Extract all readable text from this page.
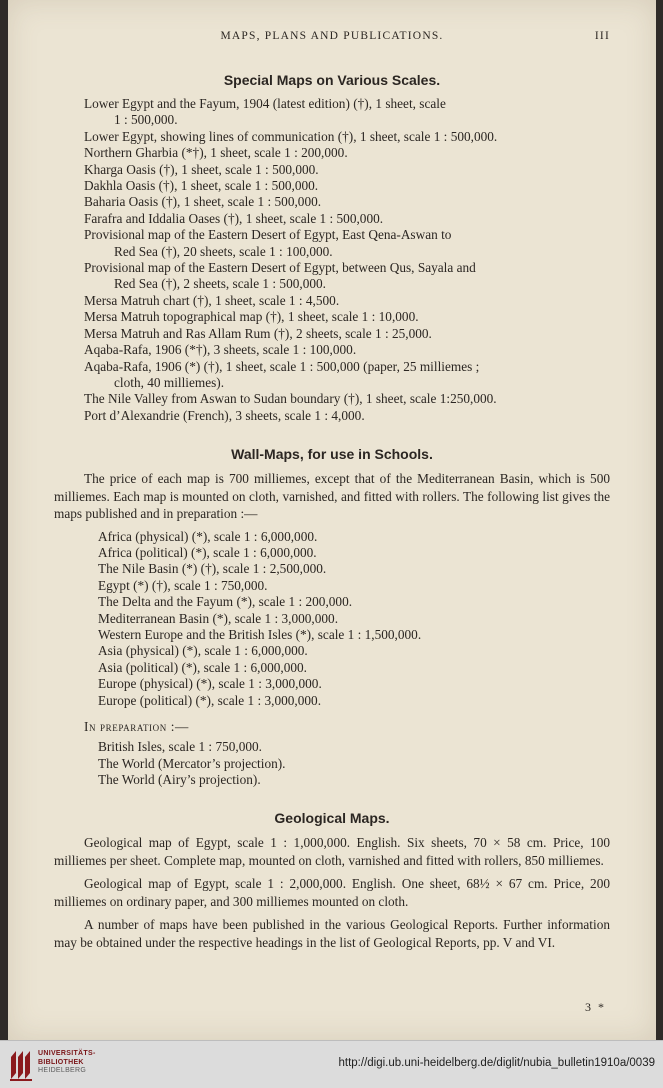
MAPS, PLANS AND PUBLICATIONS.	III
Special Maps on Various Scales.
Lower Egypt and the Fayum, 1904 (latest edition) (†), 1 sheet, scale
1 : 500,000.
Lower Egypt, showing lines of communication (†), 1 sheet, scale 1 : 500,000.
Northern Gharbia (*†), 1 sheet, scale 1 : 200,000.
Kharga Oasis (†), 1 sheet, scale 1 : 500,000.
Dakhla Oasis (†), 1 sheet, scale 1 : 500,000.
Baharia Oasis (†), 1 sheet, scale 1 : 500,000.
Farafra and Iddalia Oases (†), 1 sheet, scale 1 : 500,000.
Provisional map of the Eastern Desert of Egypt, East Qena-Aswan to
Red Sea (†), 20 sheets, scale 1 : 100,000.
Provisional map of the Eastern Desert of Egypt, between Qus, Sayala and
Red Sea (†), 2 sheets, scale 1 : 500,000.
Mersa Matruh chart (†), 1 sheet, scale 1 : 4,500.
Mersa Matruh topographical map (†), 1 sheet, scale 1 : 10,000.
Mersa Matruh and Ras Allam Rum (†), 2 sheets, scale 1 : 25,000.
Aqaba-Rafa, 1906 (*†), 3 sheets, scale 1 : 100,000.
Aqaba-Rafa, 1906 (*) (†), 1 sheet, scale 1 : 500,000 (paper, 25 milliemes ;
cloth, 40 milliemes).
The Nile Valley from Aswan to Sudan boundary (†), 1 sheet, scale 1:250,000.
Port d’Alexandrie (French), 3 sheets, scale 1 : 4,000.
Wall-Maps, for use in Schools.

The price of each map is 700 milliemes, except that of the Mediterranean Basin, which is 500 milliemes. Each map is mounted on cloth, varnished, and fitted with rollers. The following list gives the maps published and in preparation :—

Africa (physical) (*), scale 1 : 6,000,000.
Africa (political) (*), scale 1 : 6,000,000.
The Nile Basin (*) (†), scale 1 : 2,500,000.
Egypt (*) (†), scale 1 : 750,000.
The Delta and the Fayum (*), scale 1 : 200,000.
Mediterranean Basin (*), scale 1 : 3,000,000.
Western Europe and the British Isles (*), scale 1 : 1,500,000.
Asia (physical) (*), scale 1 : 6,000,000.
Asia (political) (*), scale 1 : 6,000,000.
Europe (physical) (*), scale 1 : 3,000,000.
Europe (political) (*), scale 1 : 3,000,000.
In preparation :—
British Isles, scale 1 : 750,000.
The World (Mercator’s projection).
The World (Airy’s projection).
Geological Maps.

Geological map of Egypt, scale 1 : 1,000,000. English. Six sheets, 70 × 58 cm. Price, 100 milliemes per sheet. Complete map, mounted on cloth, varnished and fitted with rollers, 850 milliemes.

Geological map of Egypt, scale 1 : 2,000,000. English. One sheet, 68½ × 67 cm. Price, 200 milliemes on ordinary paper, and 300 milliemes mounted on cloth.

A number of maps have been published in the various Geological Reports. Further information may be obtained under the respective headings in the list of Geological Reports, pp. V and VI.

3 *
UNIVERSITÄTS-
BIBLIOTHEK
HEIDELBERG
http://digi.ub.uni-heidelberg.de/diglit/nubia_bulletin1910a/0039
